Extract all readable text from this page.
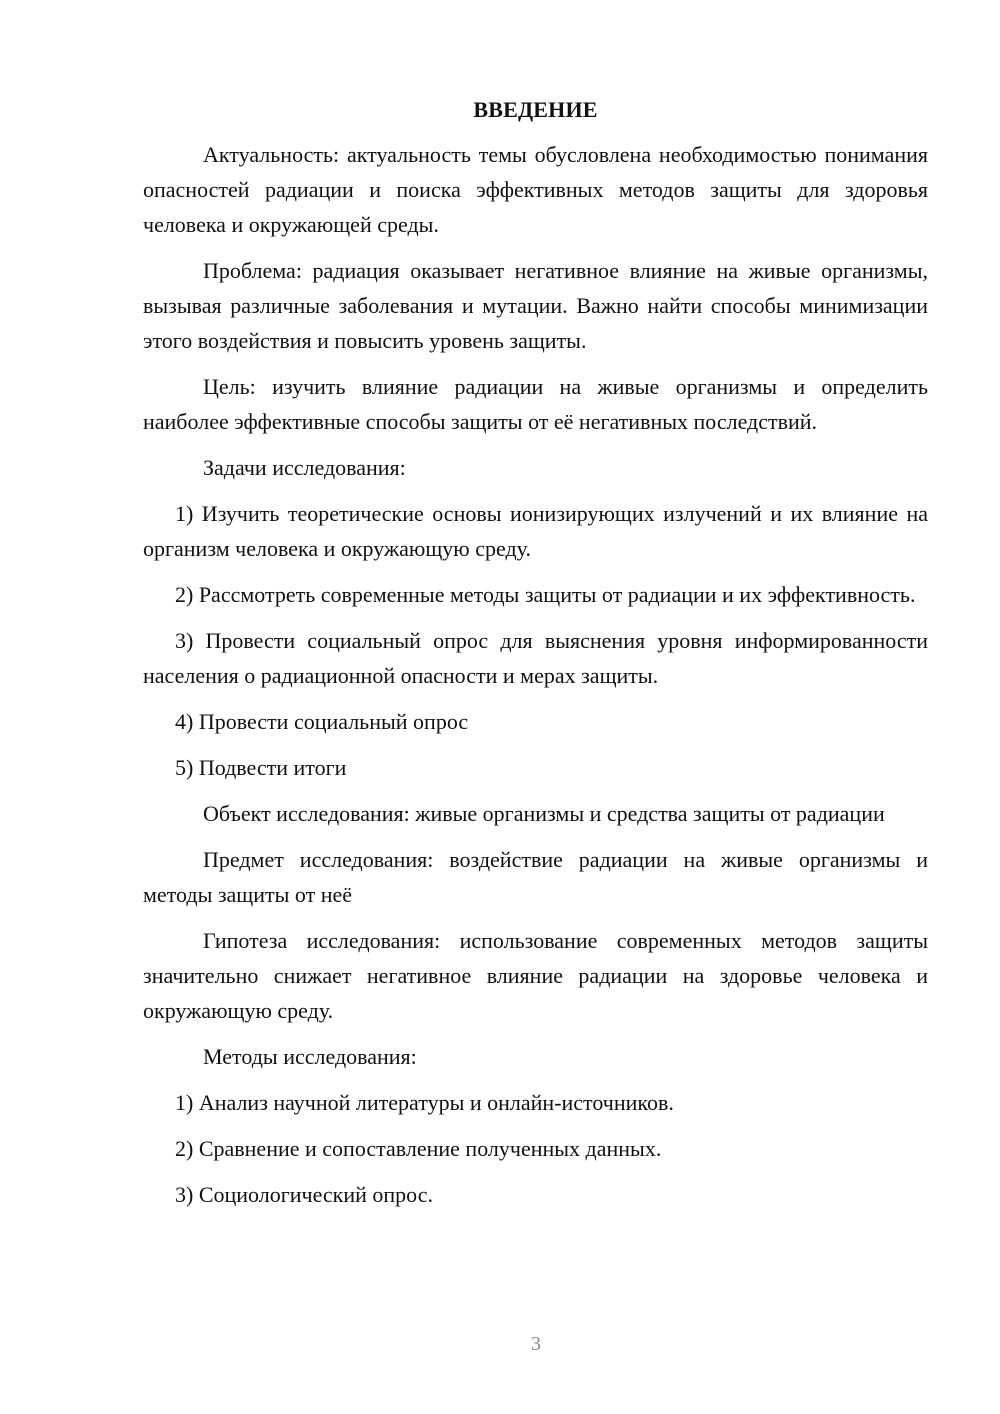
ВВЕДЕНИЕ

Актуальность: актуальность темы обусловлена необходимостью понимания опасностей радиации и поиска эффективных методов защиты для здоровья человека и окружающей среды.

Проблема: радиация оказывает негативное влияние на живые организмы, вызывая различные заболевания и мутации. Важно найти способы минимизации этого воздействия и повысить уровень защиты.

Цель: изучить влияние радиации на живые организмы и определить наиболее эффективные способы защиты от её негативных последствий.

Задачи исследования:

1) Изучить теоретические основы ионизирующих излучений и их влияние на организм человека и окружающую среду.

2) Рассмотреть современные методы защиты от радиации и их эффективность.

3) Провести социальный опрос для выяснения уровня информированности населения о радиационной опасности и мерах защиты.

4) Провести социальный опрос

5) Подвести итоги

Объект исследования: живые организмы и средства защиты от радиации

Предмет исследования: воздействие радиации на живые организмы и методы защиты от неё

Гипотеза исследования: использование современных методов защиты значительно снижает негативное влияние радиации на здоровье человека и окружающую среду.

Методы исследования:

1) Анализ научной литературы и онлайн-источников.

2) Сравнение и сопоставление полученных данных.

3) Социологический опрос.

3
